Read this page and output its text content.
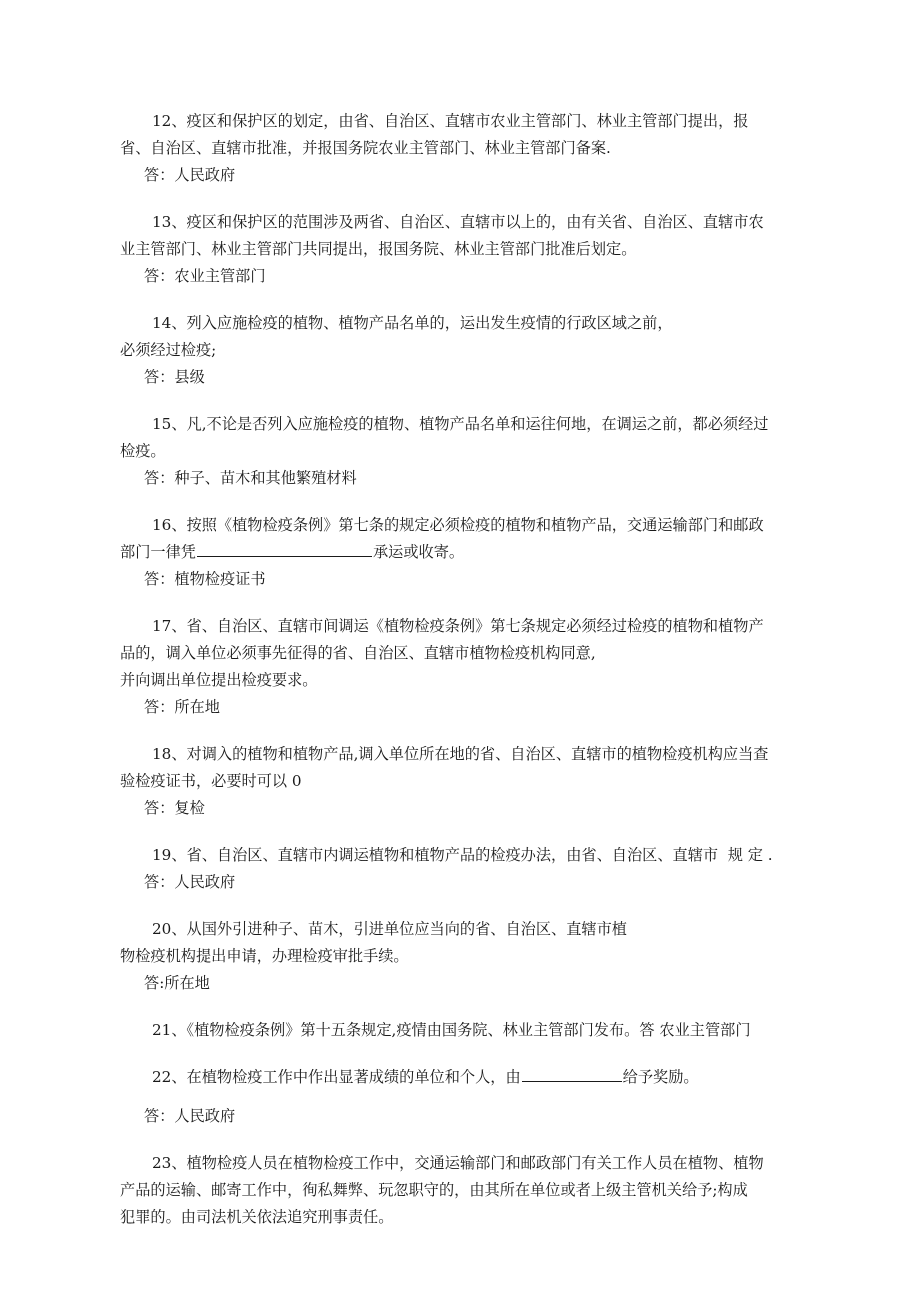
12、疫区和保护区的划定，由省、自治区、直辖市农业主管部门、林业主管部门提出，报

省、自治区、直辖市批准，并报国务院农业主管部门、林业主管部门备案.

答：人民政府

13、疫区和保护区的范围涉及两省、自治区、直辖市以上的，由有关省、自治区、直辖市农

业主管部门、林业主管部门共同提出，报国务院、林业主管部门批准后划定。

答：农业主管部门

14、列入应施检疫的植物、植物产品名单的，运出发生疫情的行政区域之前，

必须经过检疫;

答：县级

15、凡,不论是否列入应施检疫的植物、植物产品名单和运往何地，在调运之前，都必须经过

检疫。

答：种子、苗木和其他繁殖材料

16、按照《植物检疫条例》第七条的规定必须检疫的植物和植物产品，交通运输部门和邮政

部门一律凭	承运或收寄。

答：植物检疫证书

17、省、自治区、直辖市间调运《植物检疫条例》第七条规定必须经过检疫的植物和植物产

品的，调入单位必须事先征得的省、自治区、直辖市植物检疫机构同意,

并向调出单位提出检疫要求。

答：所在地

18、对调入的植物和植物产品,调入单位所在地的省、自治区、直辖市的植物检疫机构应当查

验检疫证书，必要时可以 0

答：复检

19、省、自治区、直辖市内调运植物和植物产品的检疫办法，由省、自治区、直辖市  规 定 .

答：人民政府

20、从国外引进种子、苗木，引进单位应当向的省、自治区、直辖市植

物检疫机构提出申请，办理检疫审批手续。

答:所在地

21、《植物检疫条例》第十五条规定,疫情由国务院、林业主管部门发布。答 农业主管部门

22、在植物检疫工作中作出显著成绩的单位和个人，由	给予奖励。

答：人民政府

23、植物检疫人员在植物检疫工作中，交通运输部门和邮政部门有关工作人员在植物、植物

产品的运输、邮寄工作中，徇私舞弊、玩忽职守的，由其所在单位或者上级主管机关给予;构成

犯罪的。由司法机关依法追究刑事责任。
